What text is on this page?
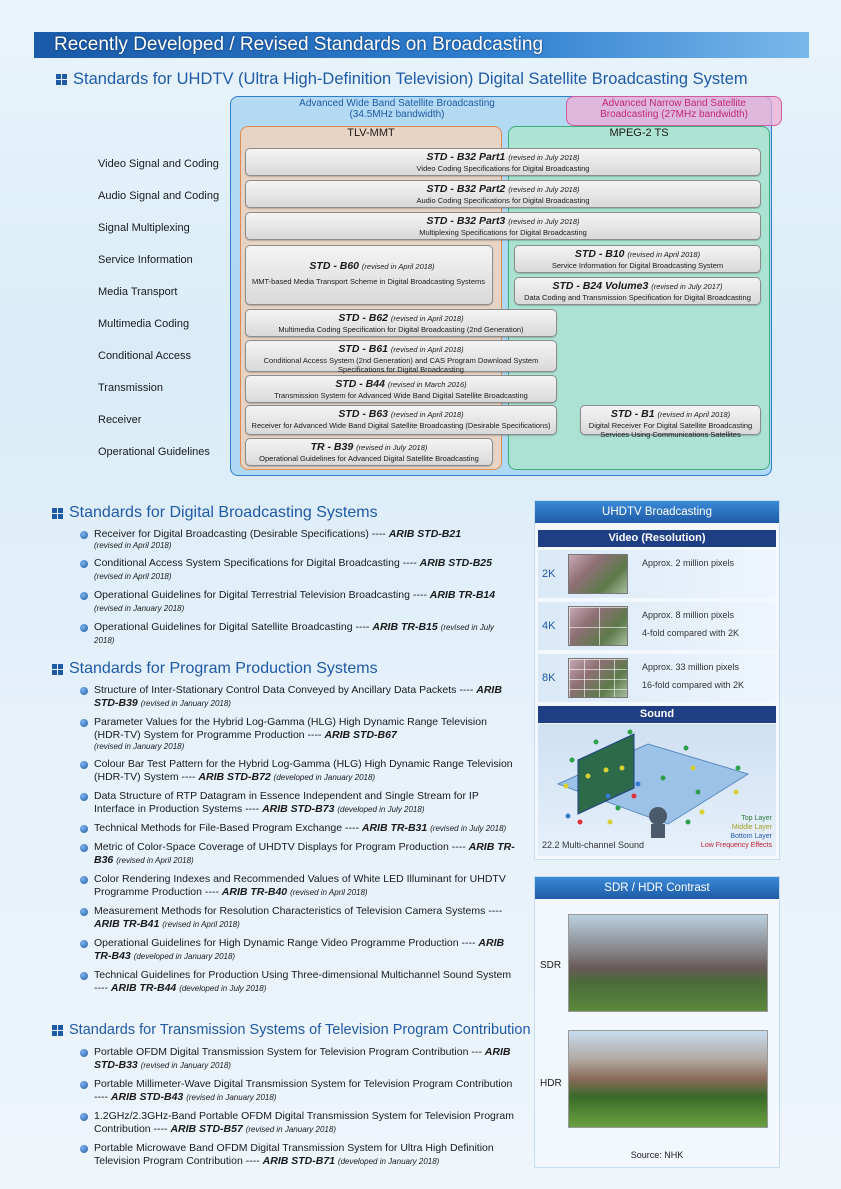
Recently Developed / Revised Standards on Broadcasting
Standards for UHDTV (Ultra High-Definition Television) Digital Satellite Broadcasting System
Advanced Wide Band Satellite Broadcasting
(34.5MHz bandwidth)
Advanced Narrow Band Satellite
Broadcasting (27MHz bandwidth)
TLV-MMT	MPEG-2 TS
Video Signal and Coding
Audio Signal and Coding
Signal Multiplexing
Service Information
Media Transport
Multimedia Coding
Conditional Access
Transmission
Receiver
Operational Guidelines
STD - B32 Part1 (revised in July 2018)
Video Coding Specifications for Digital Broadcasting
STD - B32 Part2 (revised in July 2018)
Audio Coding Specifications for Digital Broadcasting
STD - B32 Part3 (revised in July 2018)
Multiplexing Specifications for Digital Broadcasting
STD - B60 (revised in April 2018)
MMT-based Media Transport Scheme in Digital Broadcasting Systems
STD - B10 (revised in April 2018)
Service Information for Digital Broadcasting System
STD - B24 Volume3 (revised in July 2017)
Data Coding and Transmission Specification for Digital Broadcasting
STD - B62 (revised in April 2018)
Multimedia Coding Specification for Digital Broadcasting (2nd Generation)
STD - B61 (revised in April 2018)
Conditional Access System (2nd Generation) and CAS Program Download System Specifications for Digital Broadcasting
STD - B44 (revised in March 2016)
Transmission System for Advanced Wide Band Digital Satellite Broadcasting
STD - B63 (revised in April 2018)
Receiver for Advanced Wide Band Digital Satellite Broadcasting (Desirable Specifications)
STD - B1 (revised in April 2018)
Digital Receiver For Digital Satellite Broadcasting Services Using Communications Satellites
TR - B39 (revised in July 2018)
Operational Guidelines for Advanced Digital Satellite Broadcasting
Standards for Digital Broadcasting Systems
Receiver for Digital Broadcasting (Desirable Specifications) ---- ARIB STD-B21
(revised in April 2018)
Conditional Access System Specifications for Digital Broadcasting ---- ARIB STD-B25 (revised in April 2018)
Operational Guidelines for Digital Terrestrial Television Broadcasting ---- ARIB TR-B14 (revised in January 2018)
Operational Guidelines for Digital Satellite Broadcasting ---- ARIB TR-B15 (revised in July 2018)
Standards for Program Production Systems
Structure of Inter-Stationary Control Data Conveyed by Ancillary Data Packets ---- ARIB STD-B39 (revised in January 2018)
Parameter Values for the Hybrid Log-Gamma (HLG) High Dynamic Range Television (HDR-TV) System for Programme Production ---- ARIB STD-B67
(revised in January 2018)
Colour Bar Test Pattern for the Hybrid Log-Gamma (HLG) High Dynamic Range Television (HDR-TV) System ---- ARIB STD-B72 (developed in January 2018)
Data Structure of RTP Datagram in Essence Independent and Single Stream for IP Interface in Production Systems ---- ARIB STD-B73 (developed in July 2018)
Technical Methods for File-Based Program Exchange ---- ARIB TR-B31 (revised in July 2018)
Metric of Color-Space Coverage of UHDTV Displays for Program Production ---- ARIB TR-B36 (revised in April 2018)
Color Rendering Indexes and Recommended Values of White LED Illuminant for UHDTV Programme Production ---- ARIB TR-B40 (revised in April 2018)
Measurement Methods for Resolution Characteristics of Television Camera Systems ---- ARIB TR-B41 (revised in April 2018)
Operational Guidelines for High Dynamic Range Video Programme Production ---- ARIB TR-B43 (developed in January 2018)
Technical Guidelines for Production Using Three-dimensional Multichannel Sound System ---- ARIB TR-B44 (developed in July 2018)
Standards for Transmission Systems of Television Program Contribution
Portable OFDM Digital Transmission System for Television Program Contribution --- ARIB STD-B33 (revised in January 2018)
Portable Millimeter-Wave Digital Transmission System for Television Program Contribution ---- ARIB STD-B43 (revised in January 2018)
1.2GHz/2.3GHz-Band Portable OFDM Digital Transmission System for Television Program Contribution ---- ARIB STD-B57 (revised in January 2018)
Portable Microwave Band OFDM Digital Transmission System for Ultra High Definition Television Program Contribution ---- ARIB STD-B71 (developed in January 2018)
UHDTV Broadcasting
Video (Resolution)
2K
Approx. 2 million pixels
4K
Approx. 8 million pixels
4-fold compared with 2K
8K
Approx. 33 million pixels
16-fold compared with 2K
Sound
22.2 Multi-channel Sound
Top Layer
Middle Layer
Bottom Layer
Low Frequency Effects
SDR / HDR Contrast
SDR
HDR
Source: NHK
